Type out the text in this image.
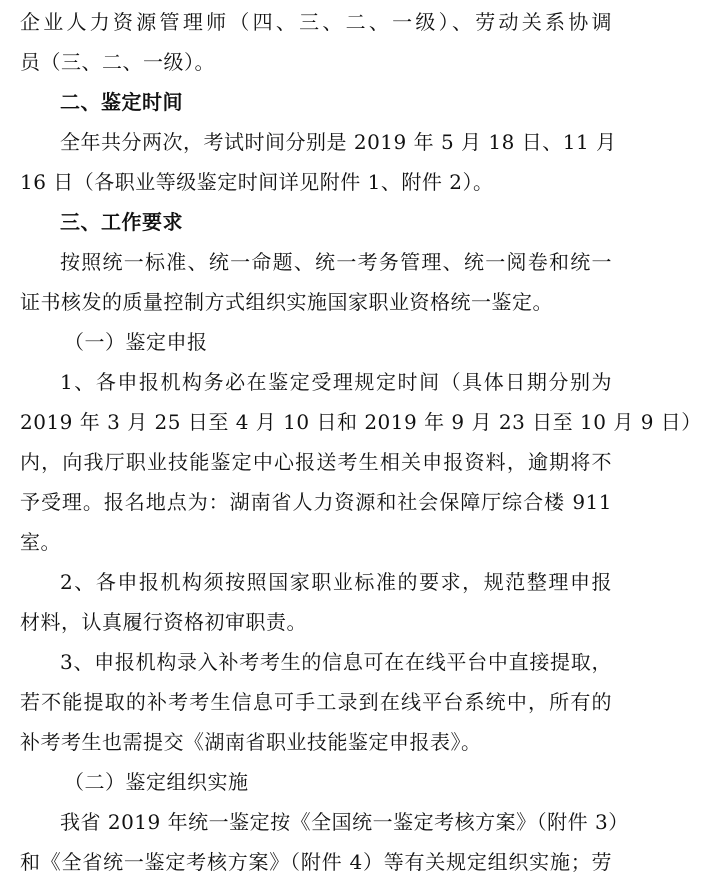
企业人力资源管理师（四、三、二、一级）、劳动关系协调
员（三、二、一级）。
二、鉴定时间
全年共分两次，考试时间分别是 2019 年 5 月 18 日、11 月
16 日（各职业等级鉴定时间详见附件 1、附件 2）。
三、工作要求
按照统一标准、统一命题、统一考务管理、统一阅卷和统一
证书核发的质量控制方式组织实施国家职业资格统一鉴定。
（一）鉴定申报
1、各申报机构务必在鉴定受理规定时间（具体日期分别为
2019 年 3 月 25 日至 4 月 10 日和 2019 年 9 月 23 日至 10 月 9 日）
内，向我厅职业技能鉴定中心报送考生相关申报资料，逾期将不
予受理。报名地点为：湖南省人力资源和社会保障厅综合楼 911
室。
2、各申报机构须按照国家职业标准的要求，规范整理申报
材料，认真履行资格初审职责。
3、申报机构录入补考考生的信息可在在线平台中直接提取，
若不能提取的补考考生信息可手工录到在线平台系统中，所有的
补考考生也需提交《湖南省职业技能鉴定申报表》。
（二）鉴定组织实施
我省 2019 年统一鉴定按《全国统一鉴定考核方案》（附件 3）
和《全省统一鉴定考核方案》（附件 4）等有关规定组织实施；劳
